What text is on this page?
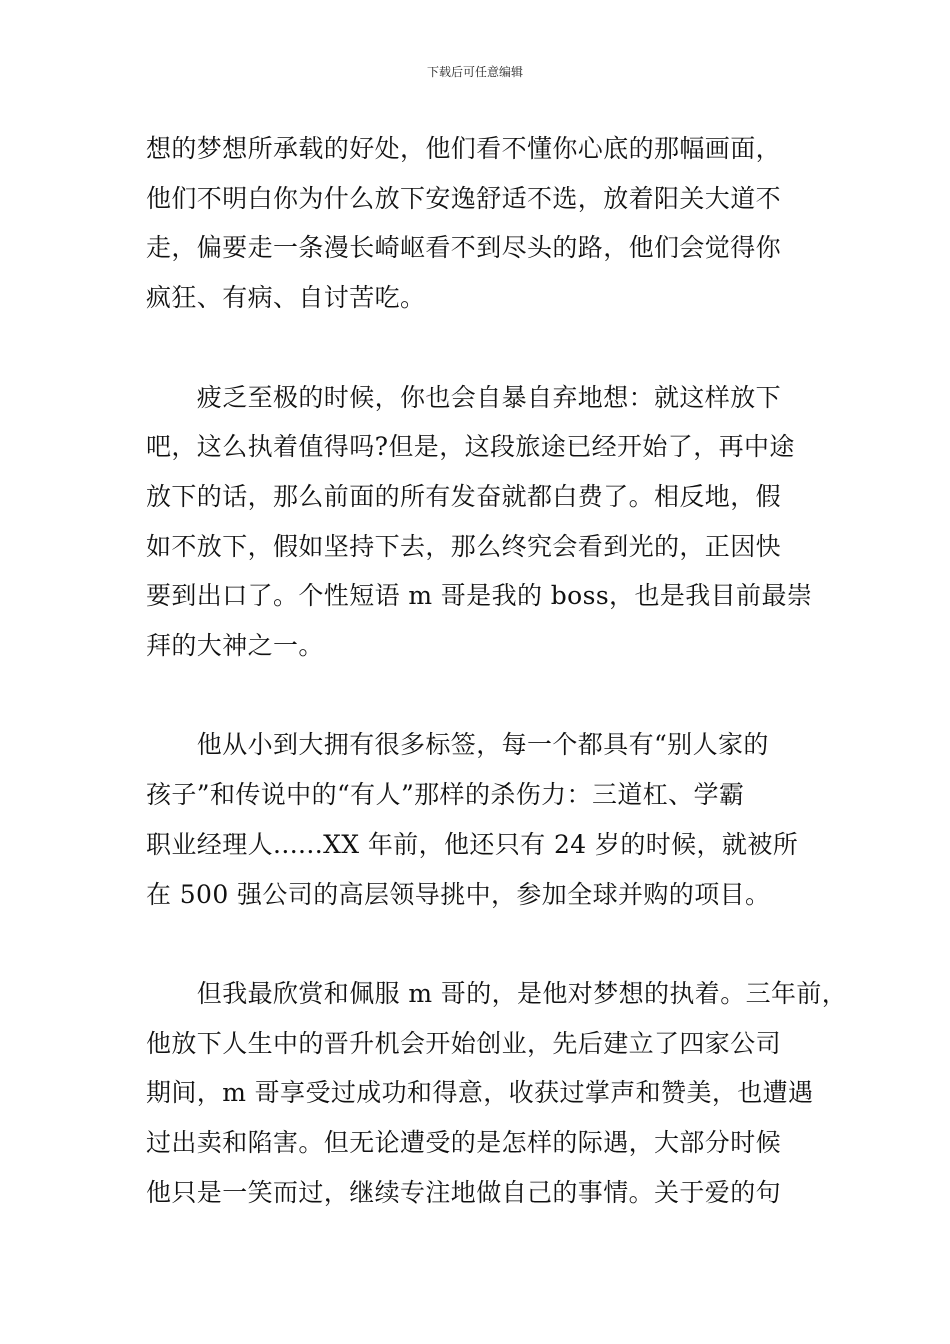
下载后可任意编辑
想的梦想所承载的好处，他们看不懂你心底的那幅画面，
他们不明白你为什么放下安逸舒适不选，放着阳关大道不
走，偏要走一条漫长崎岖看不到尽头的路，他们会觉得你
疯狂、有病、自讨苦吃。
　　疲乏至极的时候，你也会自暴自弃地想：就这样放下
吧，这么执着值得吗?但是，这段旅途已经开始了，再中途
放下的话，那么前面的所有发奋就都白费了。相反地，假
如不放下，假如坚持下去，那么终究会看到光的，正因快
要到出口了。个性短语 m 哥是我的 boss，也是我目前最崇
拜的大神之一。
　　他从小到大拥有很多标签，每一个都具有“别人家的
孩子”和传说中的“有人”那样的杀伤力：三道杠、学霸
职业经理人......XX 年前，他还只有 24 岁的时候，就被所
在 500 强公司的高层领导挑中，参加全球并购的项目。
　　但我最欣赏和佩服 m 哥的，是他对梦想的执着。三年前，
他放下人生中的晋升机会开始创业，先后建立了四家公司
期间，m 哥享受过成功和得意，收获过掌声和赞美，也遭遇
过出卖和陷害。但无论遭受的是怎样的际遇，大部分时候
他只是一笑而过，继续专注地做自己的事情。关于爱的句
